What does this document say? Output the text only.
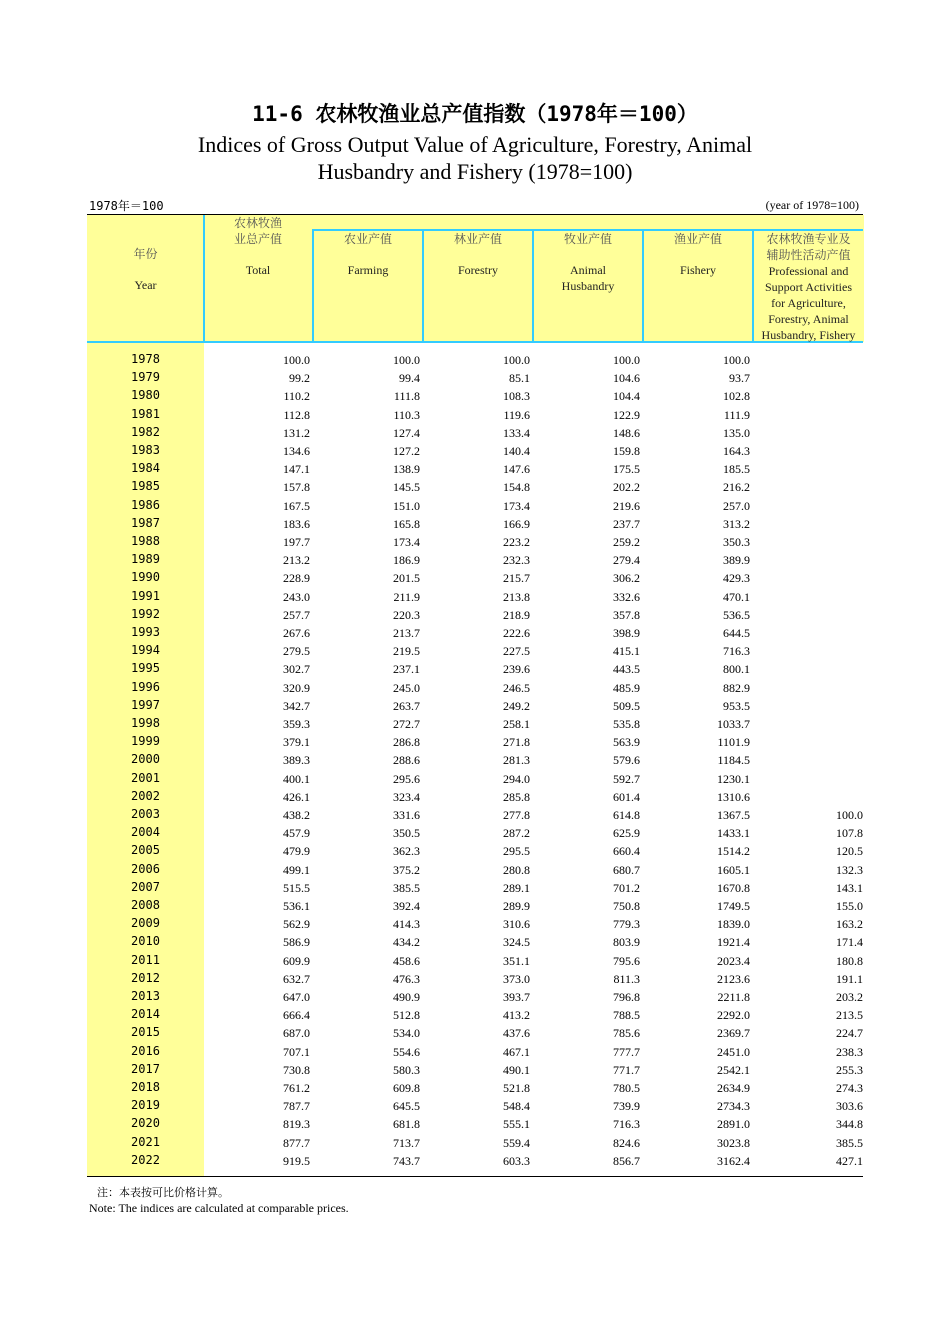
11-6 农林牧渔业总产值指数（1978年＝100）
Indices of Gross Output Value of Agriculture, Forestry, Animal
Husbandry and Fishery (1978=100)
1978年＝100	(year of 1978=100)
年份
Year
农林牧渔
业总产值
Total
农业产值
Farming
林业产值
Forestry
牧业产值
Animal
Husbandry
渔业产值
Fishery
农林牧渔专业及
辅助性活动产值
Professional and
Support Activities
for Agriculture,
Forestry, Animal
Husbandry, Fishery
1978	100.0	100.0	100.0	100.0	100.0
1979	99.2	99.4	85.1	104.6	93.7
1980	110.2	111.8	108.3	104.4	102.8
1981	112.8	110.3	119.6	122.9	111.9
1982	131.2	127.4	133.4	148.6	135.0
1983	134.6	127.2	140.4	159.8	164.3
1984	147.1	138.9	147.6	175.5	185.5
1985	157.8	145.5	154.8	202.2	216.2
1986	167.5	151.0	173.4	219.6	257.0
1987	183.6	165.8	166.9	237.7	313.2
1988	197.7	173.4	223.2	259.2	350.3
1989	213.2	186.9	232.3	279.4	389.9
1990	228.9	201.5	215.7	306.2	429.3
1991	243.0	211.9	213.8	332.6	470.1
1992	257.7	220.3	218.9	357.8	536.5
1993	267.6	213.7	222.6	398.9	644.5
1994	279.5	219.5	227.5	415.1	716.3
1995	302.7	237.1	239.6	443.5	800.1
1996	320.9	245.0	246.5	485.9	882.9
1997	342.7	263.7	249.2	509.5	953.5
1998	359.3	272.7	258.1	535.8	1033.7
1999	379.1	286.8	271.8	563.9	1101.9
2000	389.3	288.6	281.3	579.6	1184.5
2001	400.1	295.6	294.0	592.7	1230.1
2002	426.1	323.4	285.8	601.4	1310.6
2003	438.2	331.6	277.8	614.8	1367.5	100.0
2004	457.9	350.5	287.2	625.9	1433.1	107.8
2005	479.9	362.3	295.5	660.4	1514.2	120.5
2006	499.1	375.2	280.8	680.7	1605.1	132.3
2007	515.5	385.5	289.1	701.2	1670.8	143.1
2008	536.1	392.4	289.9	750.8	1749.5	155.0
2009	562.9	414.3	310.6	779.3	1839.0	163.2
2010	586.9	434.2	324.5	803.9	1921.4	171.4
2011	609.9	458.6	351.1	795.6	2023.4	180.8
2012	632.7	476.3	373.0	811.3	2123.6	191.1
2013	647.0	490.9	393.7	796.8	2211.8	203.2
2014	666.4	512.8	413.2	788.5	2292.0	213.5
2015	687.0	534.0	437.6	785.6	2369.7	224.7
2016	707.1	554.6	467.1	777.7	2451.0	238.3
2017	730.8	580.3	490.1	771.7	2542.1	255.3
2018	761.2	609.8	521.8	780.5	2634.9	274.3
2019	787.7	645.5	548.4	739.9	2734.3	303.6
2020	819.3	681.8	555.1	716.3	2891.0	344.8
2021	877.7	713.7	559.4	824.6	3023.8	385.5
2022	919.5	743.7	603.3	856.7	3162.4	427.1
注：本表按可比价格计算。
Note: The indices are calculated at comparable prices.
